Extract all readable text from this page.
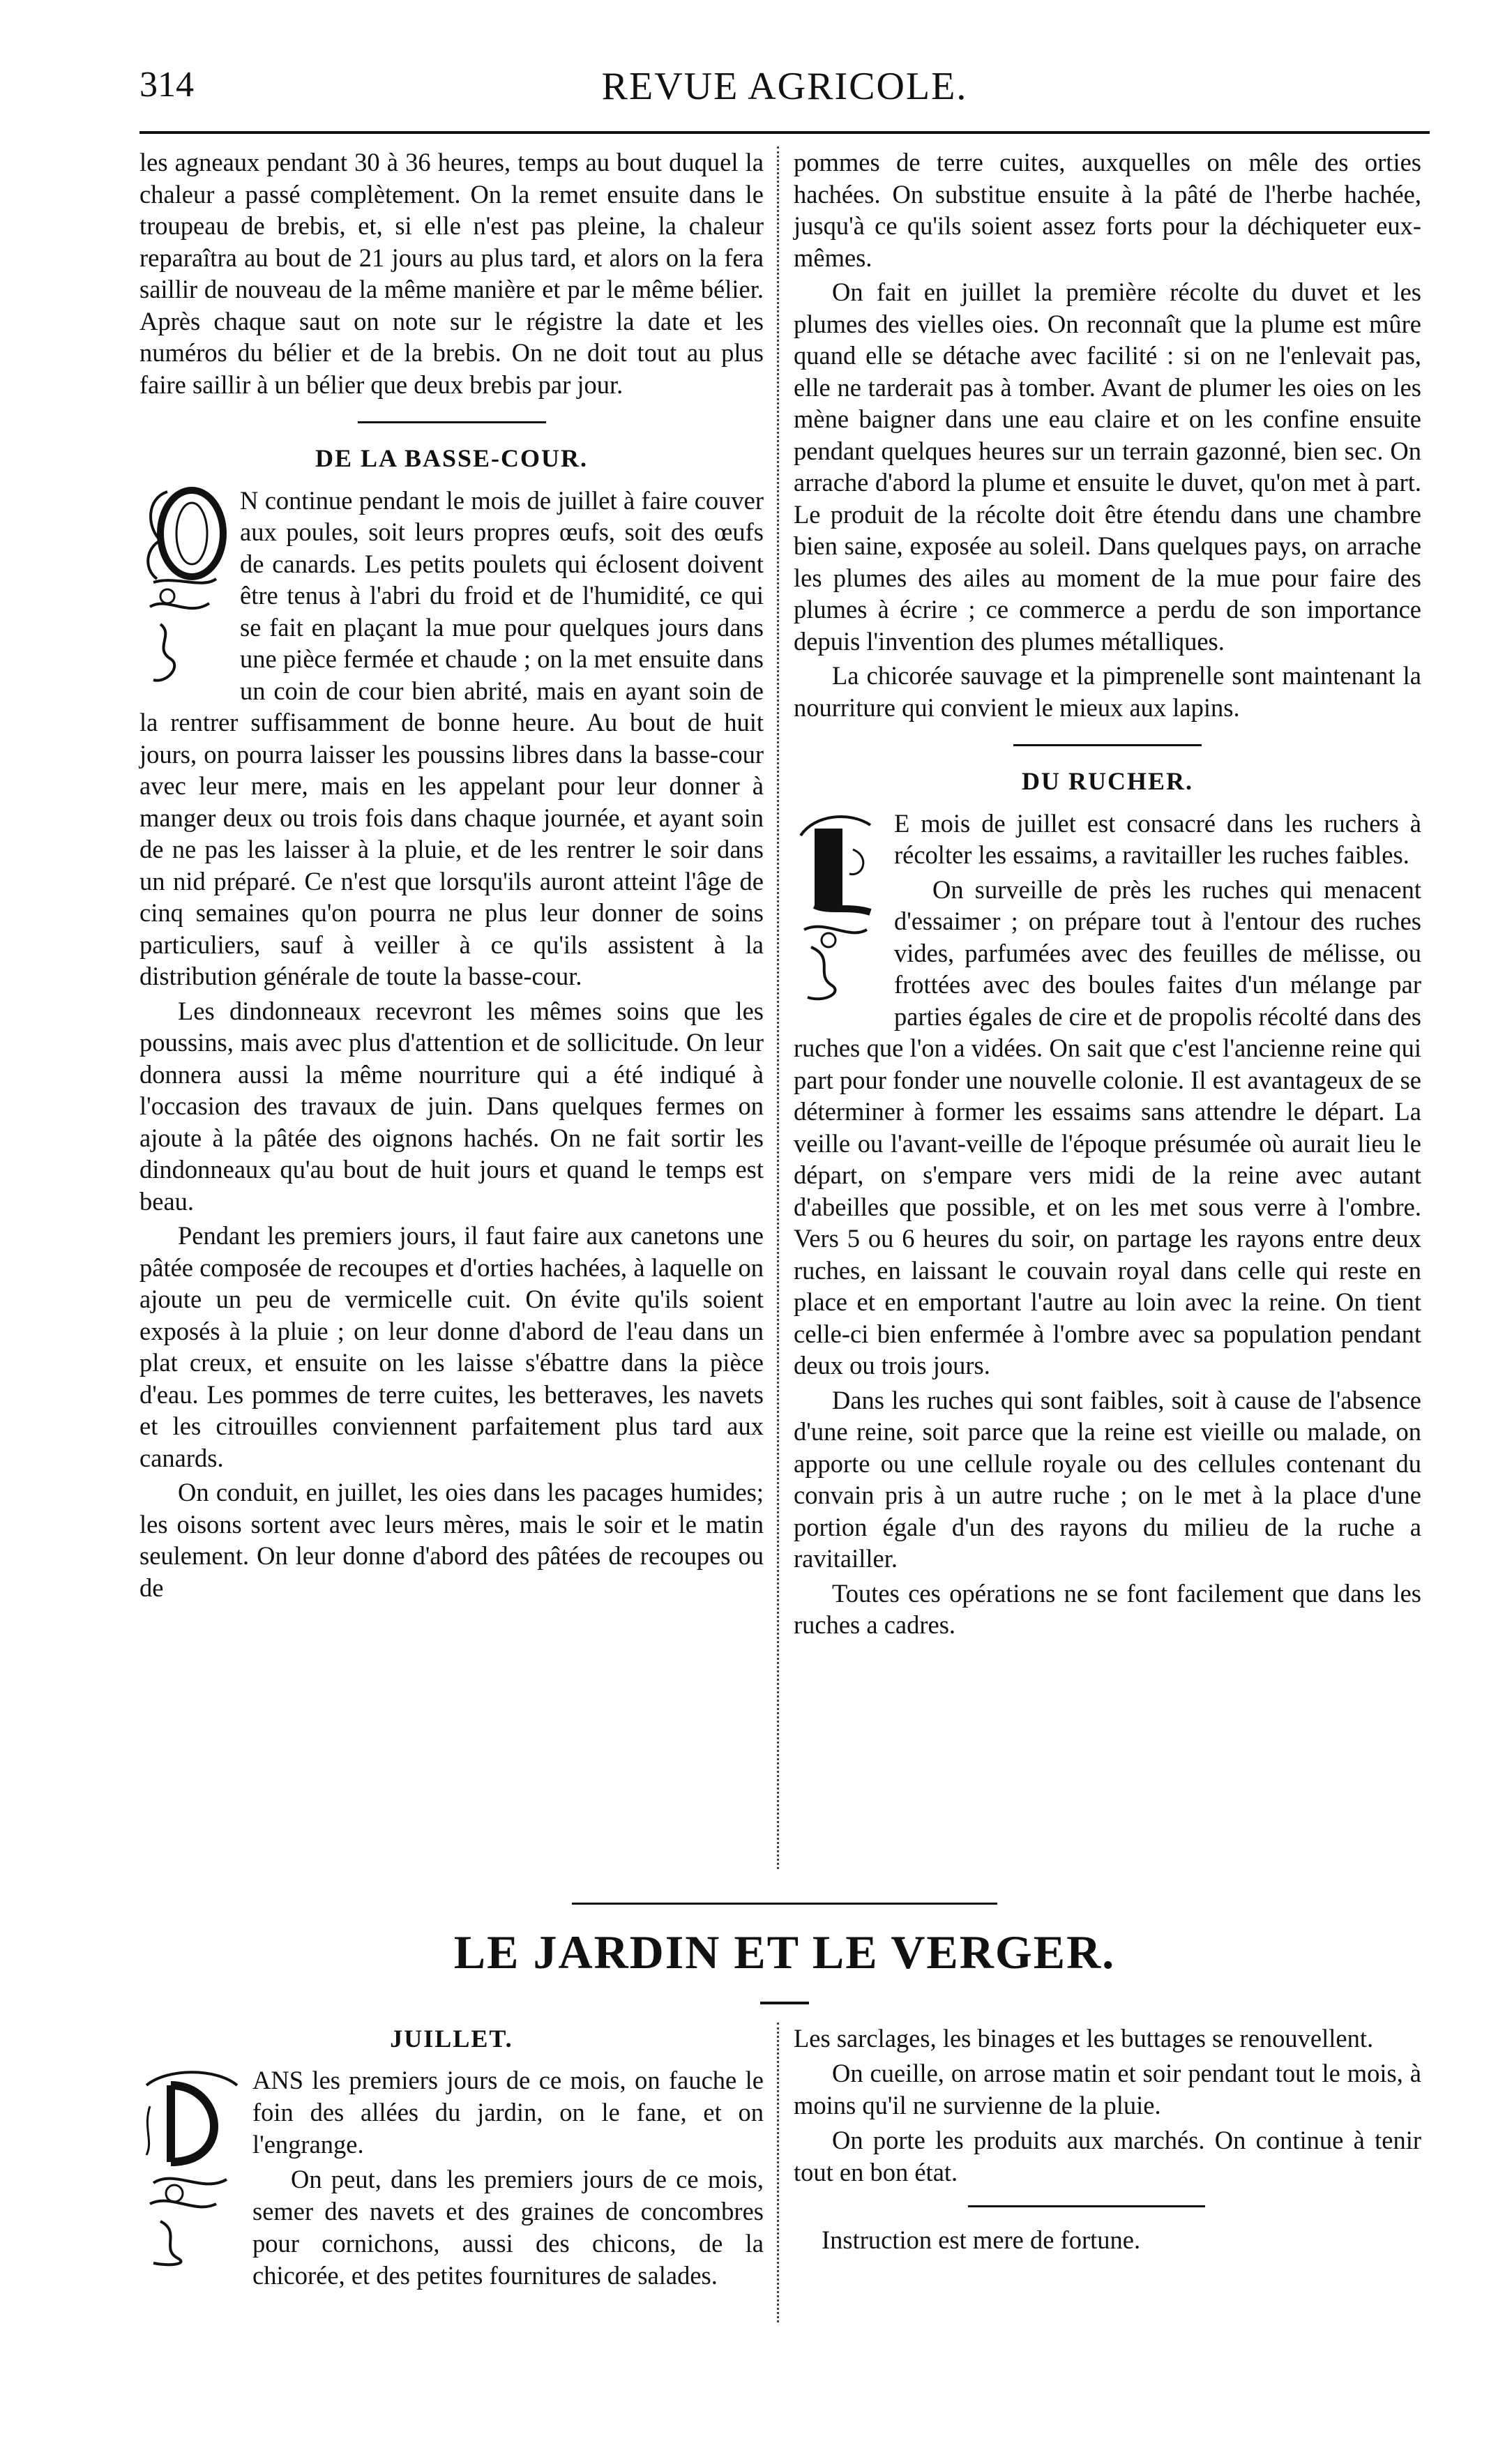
314	REVUE AGRICOLE.

les agneaux pendant 30 à 36 heures, temps au bout duquel la chaleur a passé complètement. On la remet ensuite dans le troupeau de brebis, et, si elle n'est pas pleine, la chaleur reparaîtra au bout de 21 jours au plus tard, et alors on la fera saillir de nouveau de la même manière et par le même bélier. Après chaque saut on note sur le régistre la date et les numéros du bélier et de la brebis. On ne doit tout au plus faire saillir à un bélier que deux brebis par jour.

DE LA BASSE-COUR.

N continue pendant le mois de juillet à faire couver aux poules, soit leurs propres œufs, soit des œufs de canards. Les petits poulets qui éclosent doivent être tenus à l'abri du froid et de l'humidité, ce qui se fait en plaçant la mue pour quelques jours dans une pièce fermée et chaude ; on la met ensuite dans un coin de cour bien abrité, mais en ayant soin de la rentrer suffisamment de bonne heure. Au bout de huit jours, on pourra laisser les poussins libres dans la basse-cour avec leur mere, mais en les appelant pour leur donner à manger deux ou trois fois dans chaque journée, et ayant soin de ne pas les laisser à la pluie, et de les rentrer le soir dans un nid préparé. Ce n'est que lorsqu'ils auront atteint l'âge de cinq semaines qu'on pourra ne plus leur donner de soins particuliers, sauf à veiller à ce qu'ils assistent à la distribution générale de toute la basse-cour.

Les dindonneaux recevront les mêmes soins que les poussins, mais avec plus d'attention et de sollicitude. On leur donnera aussi la même nourriture qui a été indiqué à l'occasion des travaux de juin. Dans quelques fermes on ajoute à la pâtée des oignons hachés. On ne fait sortir les dindonneaux qu'au bout de huit jours et quand le temps est beau.

Pendant les premiers jours, il faut faire aux canetons une pâtée composée de recoupes et d'orties hachées, à laquelle on ajoute un peu de vermicelle cuit. On évite qu'ils soient exposés à la pluie ; on leur donne d'abord de l'eau dans un plat creux, et ensuite on les laisse s'ébattre dans la pièce d'eau. Les pommes de terre cuites, les betteraves, les navets et les citrouilles conviennent parfaitement plus tard aux canards.

On conduit, en juillet, les oies dans les pacages humides; les oisons sortent avec leurs mères, mais le soir et le matin seulement. On leur donne d'abord des pâtées de recoupes ou de

pommes de terre cuites, auxquelles on mêle des orties hachées. On substitue ensuite à la pâté de l'herbe hachée, jusqu'à ce qu'ils soient assez forts pour la déchiqueter eux-mêmes.

On fait en juillet la première récolte du duvet et les plumes des vielles oies. On reconnaît que la plume est mûre quand elle se détache avec facilité : si on ne l'enlevait pas, elle ne tarderait pas à tomber. Avant de plumer les oies on les mène baigner dans une eau claire et on les confine ensuite pendant quelques heures sur un terrain gazonné, bien sec. On arrache d'abord la plume et ensuite le duvet, qu'on met à part. Le produit de la récolte doit être étendu dans une chambre bien saine, exposée au soleil. Dans quelques pays, on arrache les plumes des ailes au moment de la mue pour faire des plumes à écrire ; ce commerce a perdu de son importance depuis l'invention des plumes métalliques.

La chicorée sauvage et la pimprenelle sont maintenant la nourriture qui convient le mieux aux lapins.

DU RUCHER.

E mois de juillet est consacré dans les ruchers à récolter les essaims, a ravitailler les ruches faibles.

On surveille de près les ruches qui menacent d'essaimer ; on prépare tout à l'entour des ruches vides, parfumées avec des feuilles de mélisse, ou frottées avec des boules faites d'un mélange par parties égales de cire et de propolis récolté dans des ruches que l'on a vidées. On sait que c'est l'ancienne reine qui part pour fonder une nouvelle colonie. Il est avantageux de se déterminer à former les essaims sans attendre le départ. La veille ou l'avant-veille de l'époque présumée où aurait lieu le départ, on s'empare vers midi de la reine avec autant d'abeilles que possible, et on les met sous verre à l'ombre. Vers 5 ou 6 heures du soir, on partage les rayons entre deux ruches, en laissant le couvain royal dans celle qui reste en place et en emportant l'autre au loin avec la reine. On tient celle-ci bien enfermée à l'ombre avec sa population pendant deux ou trois jours.

Dans les ruches qui sont faibles, soit à cause de l'absence d'une reine, soit parce que la reine est vieille ou malade, on apporte ou une cellule royale ou des cellules contenant du convain pris à un autre ruche ; on le met à la place d'une portion égale d'un des rayons du milieu de la ruche a ravitailler.

Toutes ces opérations ne se font facilement que dans les ruches a cadres.

LE JARDIN ET LE VERGER.
JUILLET.

ANS les premiers jours de ce mois, on fauche le foin des allées du jardin, on le fane, et on l'engrange.

On peut, dans les premiers jours de ce mois, semer des navets et des graines de concombres pour cornichons, aussi des chicons, de la chicorée, et des petites fournitures de salades.

Les sarclages, les binages et les buttages se renouvellent.

On cueille, on arrose matin et soir pendant tout le mois, à moins qu'il ne survienne de la pluie.

On porte les produits aux marchés. On continue à tenir tout en bon état.

Instruction est mere de fortune.
